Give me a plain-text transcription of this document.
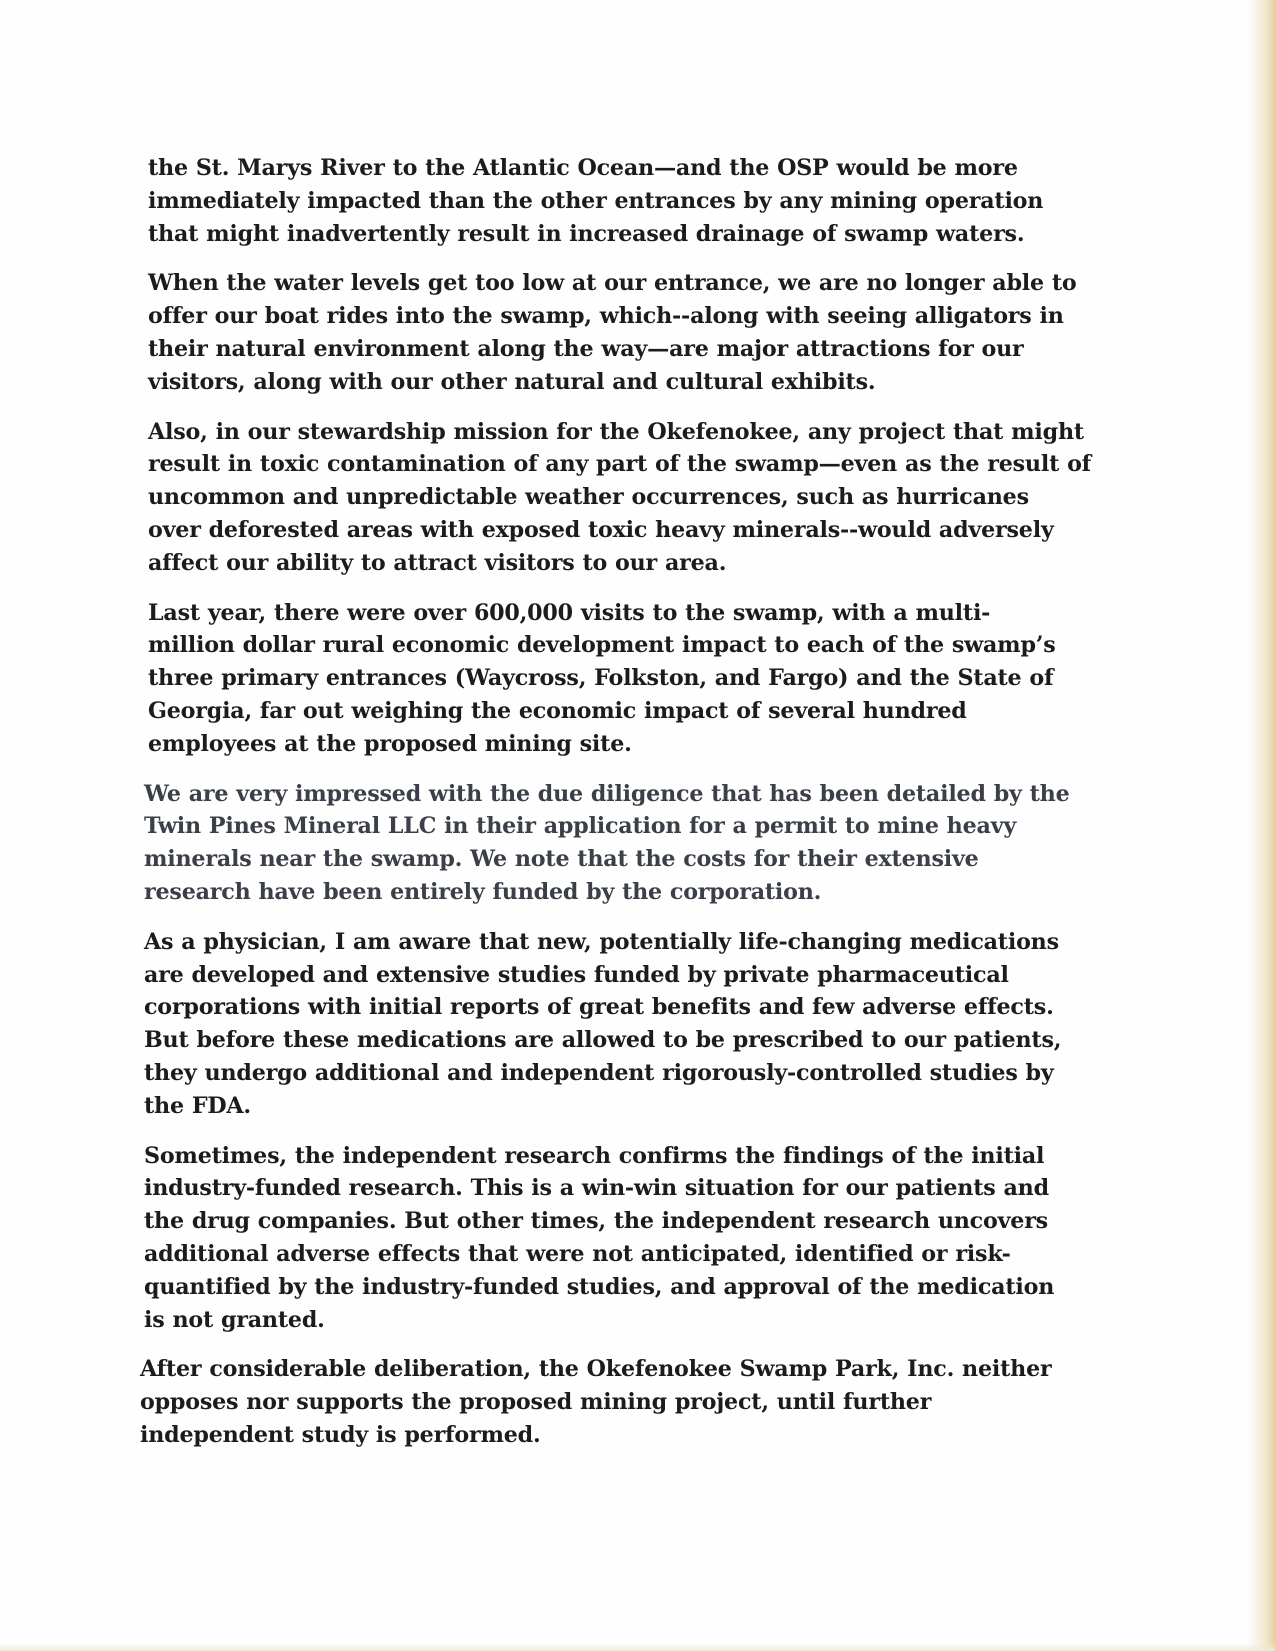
the St. Marys River to the Atlantic Ocean—and the OSP would be more
immediately impacted than the other entrances by any mining operation
that might inadvertently result in increased drainage of swamp waters.

When the water levels get too low at our entrance, we are no longer able to
offer our boat rides into the swamp, which--along with seeing alligators in
their natural environment along the way—are major attractions for our
visitors, along with our other natural and cultural exhibits.

Also, in our stewardship mission for the Okefenokee, any project that might
result in toxic contamination of any part of the swamp—even as the result of
uncommon and unpredictable weather occurrences, such as hurricanes
over deforested areas with exposed toxic heavy minerals--would adversely
affect our ability to attract visitors to our area.

Last year, there were over 600,000 visits to the swamp, with a multi-
million dollar rural economic development impact to each of the swamp’s
three primary entrances (Waycross, Folkston, and Fargo) and the State of
Georgia, far out weighing the economic impact of several hundred
employees at the proposed mining site.

We are very impressed with the due diligence that has been detailed by the
Twin Pines Mineral LLC in their application for a permit to mine heavy
minerals near the swamp. We note that the costs for their extensive
research have been entirely funded by the corporation.

As a physician, I am aware that new, potentially life-changing medications
are developed and extensive studies funded by private pharmaceutical
corporations with initial reports of great benefits and few adverse effects.
But before these medications are allowed to be prescribed to our patients,
they undergo additional and independent rigorously-controlled studies by
the FDA.

Sometimes, the independent research confirms the findings of the initial
industry-funded research. This is a win-win situation for our patients and
the drug companies. But other times, the independent research uncovers
additional adverse effects that were not anticipated, identified or risk-
quantified by the industry-funded studies, and approval of the medication
is not granted.

After considerable deliberation, the Okefenokee Swamp Park, Inc. neither
opposes nor supports the proposed mining project, until further
independent study is performed.
